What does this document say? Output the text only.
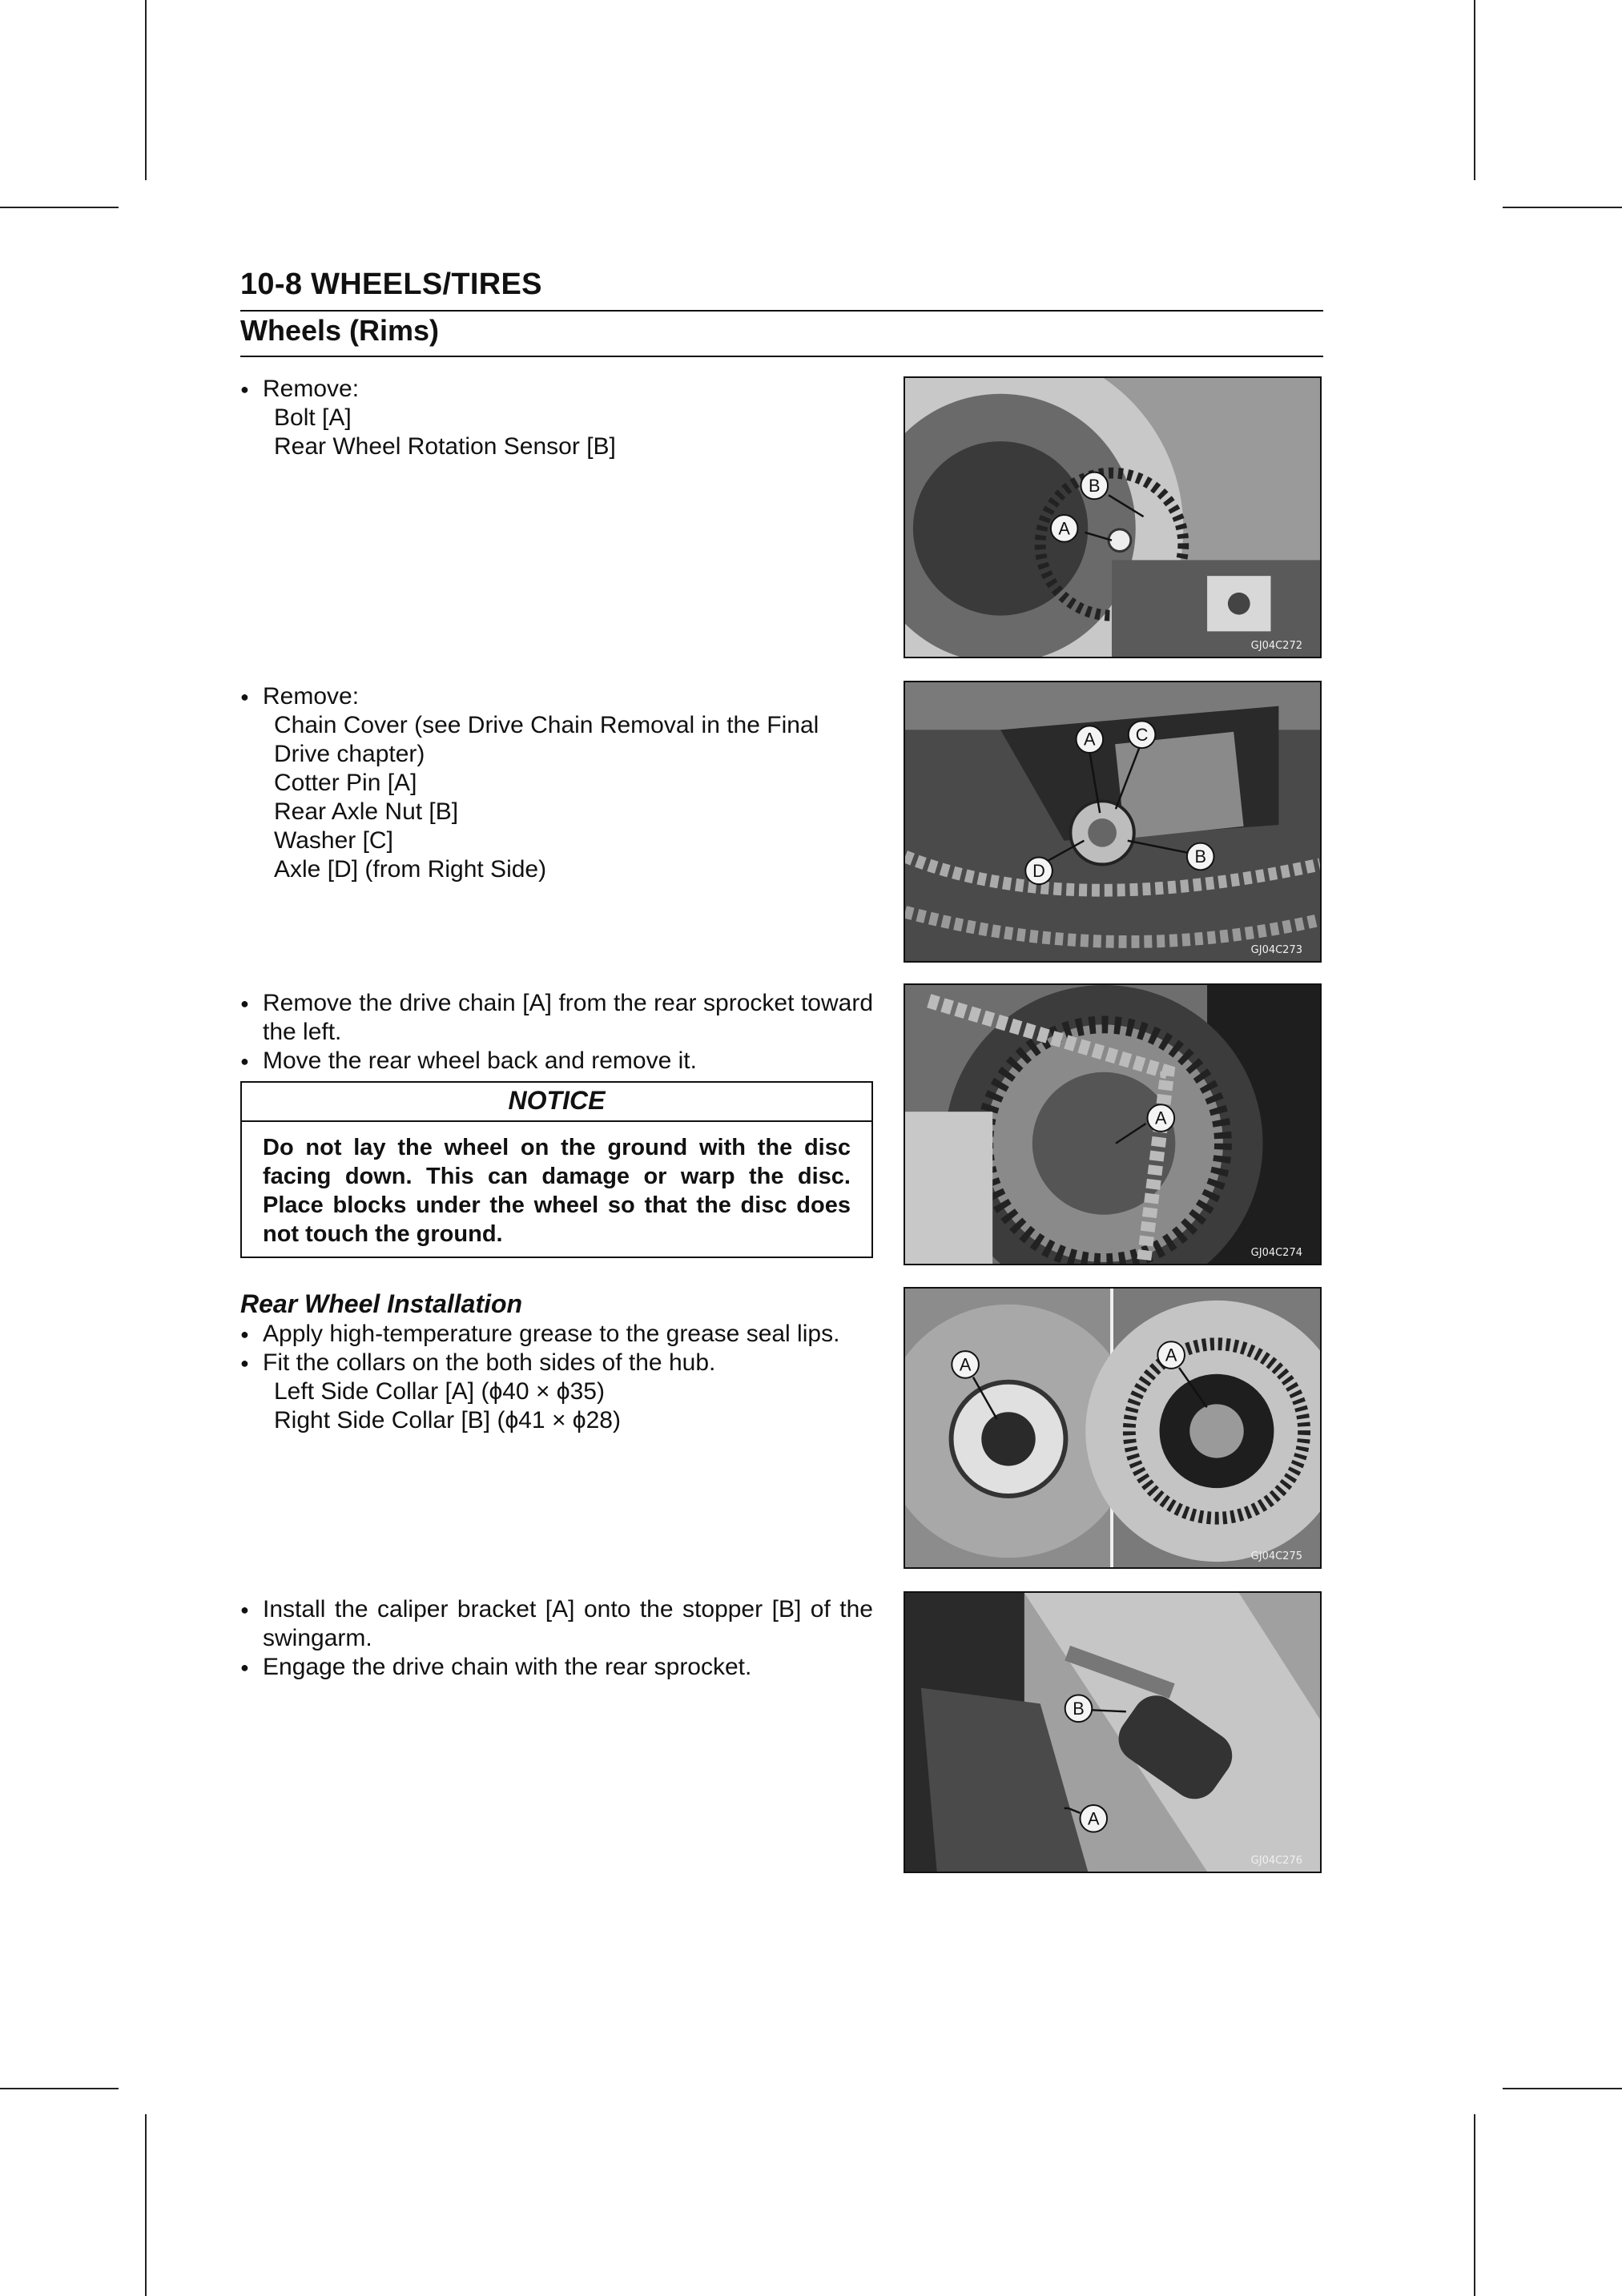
10-8 WHEELS/TIRES
Wheels (Rims)
● Remove:
Bolt [A]
Rear Wheel Rotation Sensor [B]
● Remove:
Chain Cover (see Drive Chain Removal in the Final Drive chapter)
Cotter Pin [A]
Rear Axle Nut [B]
Washer [C]
Axle [D] (from Right Side)
● Remove the drive chain [A] from the rear sprocket toward the left.
● Move the rear wheel back and remove it.
NOTICE
Do not lay the wheel on the ground with the disc facing down. This can damage or warp the disc. Place blocks under the wheel so that the disc does not touch the ground.
Rear Wheel Installation
● Apply high-temperature grease to the grease seal lips.
● Fit the collars on the both sides of the hub.
Left Side Collar [A] (ϕ40 × ϕ35)
Right Side Collar [B] (ϕ41 × ϕ28)
● Install the caliper bracket [A] onto the stopper [B] of the swingarm.
● Engage the drive chain with the rear sprocket.
A
B
GJ04C272
A
B
C
D
GJ04C273
A
GJ04C274
A	A
GJ04C275
A
B
GJ04C276
